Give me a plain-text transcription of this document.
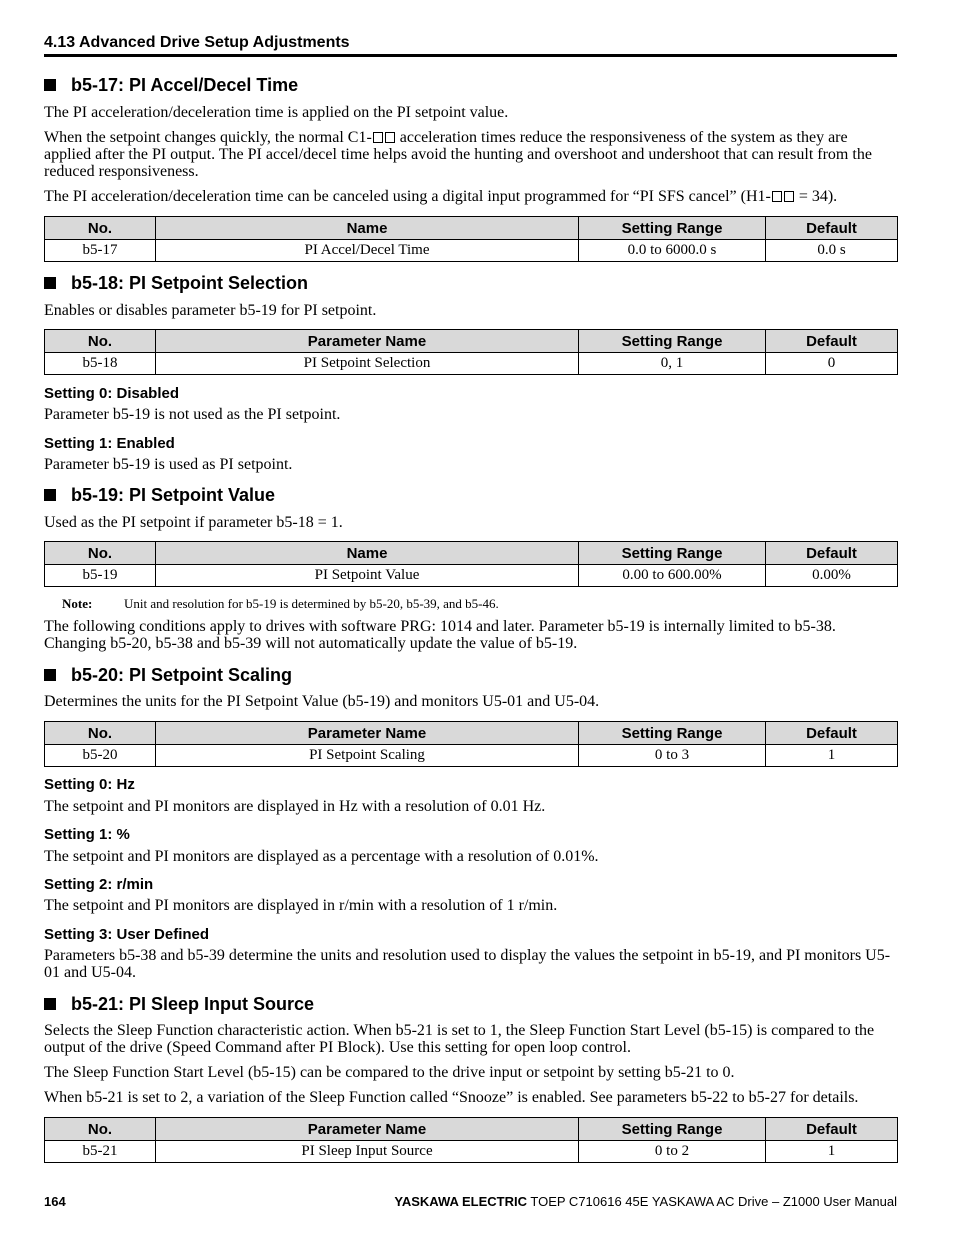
4.13 Advanced Drive Setup Adjustments
b5-17: PI Accel/Decel Time

The PI acceleration/deceleration time is applied on the PI setpoint value.

When the setpoint changes quickly, the normal C1- acceleration times reduce the responsiveness of the system as they are applied after the PI output. The PI accel/decel time helps avoid the hunting and overshoot and undershoot that can result from the reduced responsiveness.

The PI acceleration/deceleration time can be canceled using a digital input programmed for “PI SFS cancel” (H1- = 34).

No.	Name	Setting Range	Default
b5-17	PI Accel/Decel Time	0.0 to 6000.0 s	0.0 s
b5-18: PI Setpoint Selection

Enables or disables parameter b5-19 for PI setpoint.

No.	Parameter Name	Setting Range	Default
b5-18	PI Setpoint Selection	0, 1	0
Setting 0: Disabled

Parameter b5-19 is not used as the PI setpoint.

Setting 1: Enabled

Parameter b5-19 is used as PI setpoint.

b5-19: PI Setpoint Value

Used as the PI setpoint if parameter b5-18 = 1.

No.	Name	Setting Range	Default
b5-19	PI Setpoint Value	0.00 to 600.00%	0.00%
Note: Unit and resolution for b5-19 is determined by b5-20, b5-39, and b5-46.

The following conditions apply to drives with software PRG: 1014 and later. Parameter b5-19 is internally limited to b5-38. Changing b5-20, b5-38 and b5-39 will not automatically update the value of b5-19.

b5-20: PI Setpoint Scaling

Determines the units for the PI Setpoint Value (b5-19) and monitors U5-01 and U5-04.

No.	Parameter Name	Setting Range	Default
b5-20	PI Setpoint Scaling	0 to 3	1
Setting 0: Hz

The setpoint and PI monitors are displayed in Hz with a resolution of 0.01 Hz.

Setting 1: %

The setpoint and PI monitors are displayed as a percentage with a resolution of 0.01%.

Setting 2: r/min

The setpoint and PI monitors are displayed in r/min with a resolution of 1 r/min.

Setting 3: User Defined

Parameters b5-38 and b5-39 determine the units and resolution used to display the values the setpoint in b5-19, and PI monitors U5-01 and U5-04.

b5-21: PI Sleep Input Source

Selects the Sleep Function characteristic action. When b5-21 is set to 1, the Sleep Function Start Level (b5-15) is compared to the output of the drive (Speed Command after PI Block). Use this setting for open loop control.

The Sleep Function Start Level (b5-15) can be compared to the drive input or setpoint by setting b5-21 to 0.

When b5-21 is set to 2, a variation of the Sleep Function called “Snooze” is enabled. See parameters b5-22 to b5-27 for details.

No.	Parameter Name	Setting Range	Default
b5-21	PI Sleep Input Source	0 to 2	1
164	YASKAWA ELECTRIC TOEP C710616 45E YASKAWA AC Drive – Z1000 User Manual
